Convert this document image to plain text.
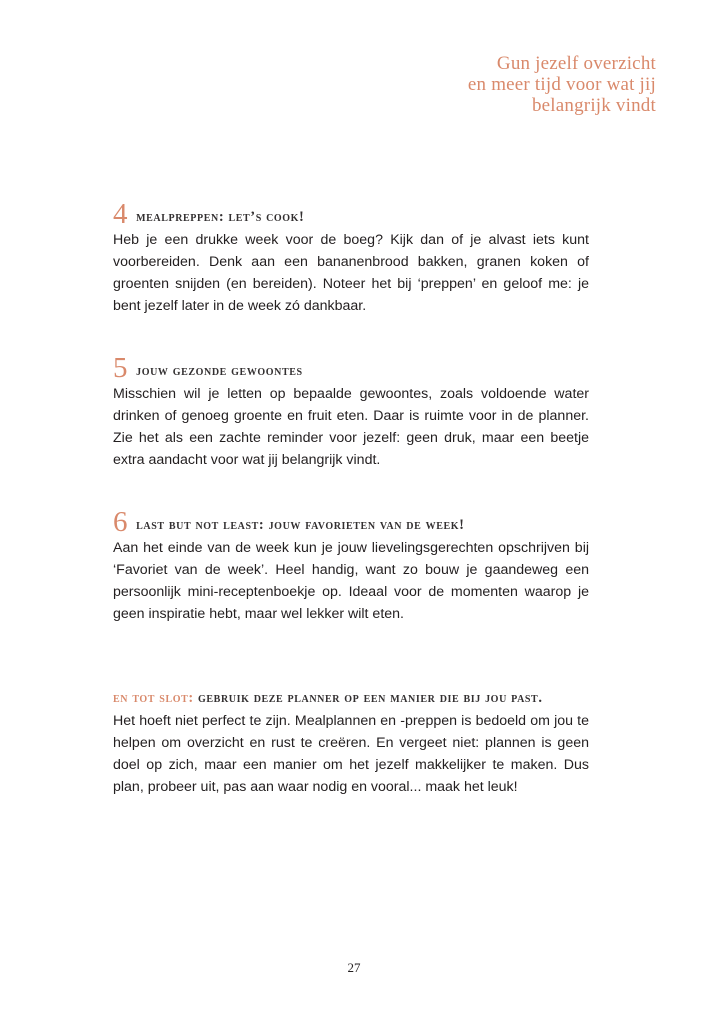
Gun jezelf overzicht
en meer tijd voor wat jij
belangrijk vindt
4 mealpreppen: let’s cook!

Heb je een drukke week voor de boeg? Kijk dan of je alvast iets kunt voorbereiden. Denk aan een bananenbrood bakken, granen koken of groenten snijden (en bereiden). Noteer het bij ‘preppen’ en geloof me: je bent jezelf later in de week zó dankbaar.

5 jouw gezonde gewoontes

Misschien wil je letten op bepaalde gewoontes, zoals voldoende water drinken of genoeg groente en fruit eten. Daar is ruimte voor in de planner. Zie het als een zachte reminder voor jezelf: geen druk, maar een beetje extra aandacht voor wat jij belangrijk vindt.

6 last but not least: jouw favorieten van de week!

Aan het einde van de week kun je jouw lievelingsgerechten opschrijven bij ‘Favoriet van de week’. Heel handig, want zo bouw je gaandeweg een persoonlijk mini-receptenboekje op. Ideaal voor de momenten waarop je geen inspiratie hebt, maar wel lekker wilt eten.

en tot slot: gebruik deze planner op een manier die bij jou past.

Het hoeft niet perfect te zijn. Mealplannen en -preppen is bedoeld om jou te helpen om overzicht en rust te creëren. En vergeet niet: plannen is geen doel op zich, maar een manier om het jezelf makkelijker te maken. Dus plan, probeer uit, pas aan waar nodig en vooral... maak het leuk!

27
